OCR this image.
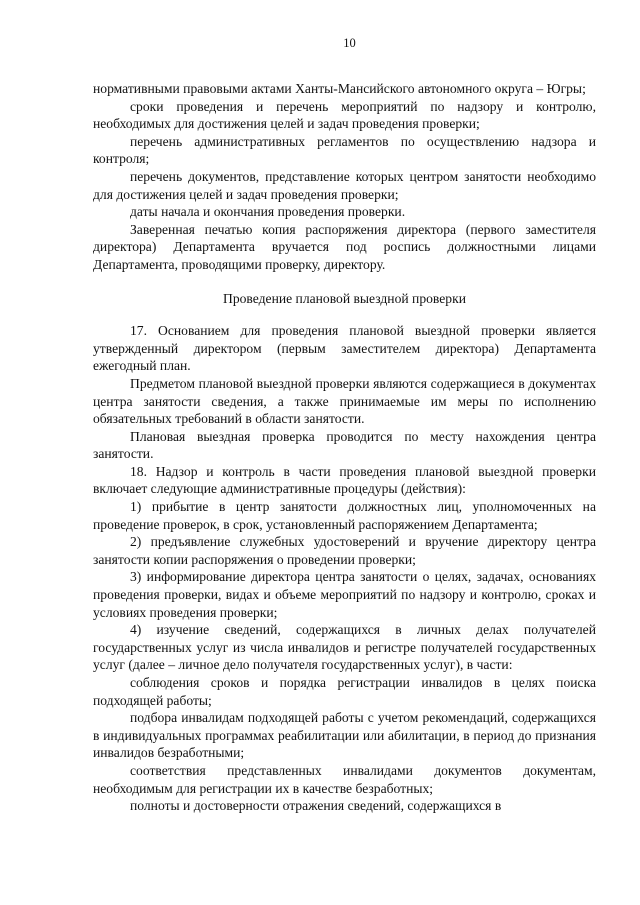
10

нормативными правовыми актами Ханты-Мансийского автономного округа – Югры;

сроки проведения и перечень мероприятий по надзору и контролю, необходимых для достижения целей и задач проведения проверки;

перечень административных регламентов по осуществлению надзора и контроля;

перечень документов, представление которых центром занятости необходимо для достижения целей и задач проведения проверки;

даты начала и окончания проведения проверки.

Заверенная печатью копия распоряжения директора (первого заместителя директора) Департамента вручается под роспись должностными лицами Департамента, проводящими проверку, директору.

Проведение плановой выездной проверки

17. Основанием для проведения плановой выездной проверки является утвержденный директором (первым заместителем директора) Департамента ежегодный план.

Предметом плановой выездной проверки являются содержащиеся в документах центра занятости сведения, а также принимаемые им меры по исполнению обязательных требований в области занятости.

Плановая выездная проверка проводится по месту нахождения центра занятости.

18. Надзор и контроль в части проведения плановой выездной проверки включает следующие административные процедуры (действия):

1) прибытие в центр занятости должностных лиц, уполномоченных на проведение проверок, в срок, установленный распоряжением Департамента;

2) предъявление служебных удостоверений и вручение директору центра занятости копии распоряжения о проведении проверки;

3) информирование директора центра занятости о целях, задачах, основаниях проведения проверки, видах и объеме мероприятий по надзору и контролю, сроках и условиях проведения проверки;

4) изучение сведений, содержащихся в личных делах получателей государственных услуг из числа инвалидов и регистре получателей государственных услуг (далее – личное дело получателя государственных услуг), в части:

соблюдения сроков и порядка регистрации инвалидов в целях поиска подходящей работы;

подбора инвалидам подходящей работы с учетом рекомендаций, содержащихся в индивидуальных программах реабилитации или абилитации, в период до признания инвалидов безработными;

соответствия представленных инвалидами документов документам, необходимым для регистрации их в качестве безработных;

полноты и достоверности отражения сведений, содержащихся в
